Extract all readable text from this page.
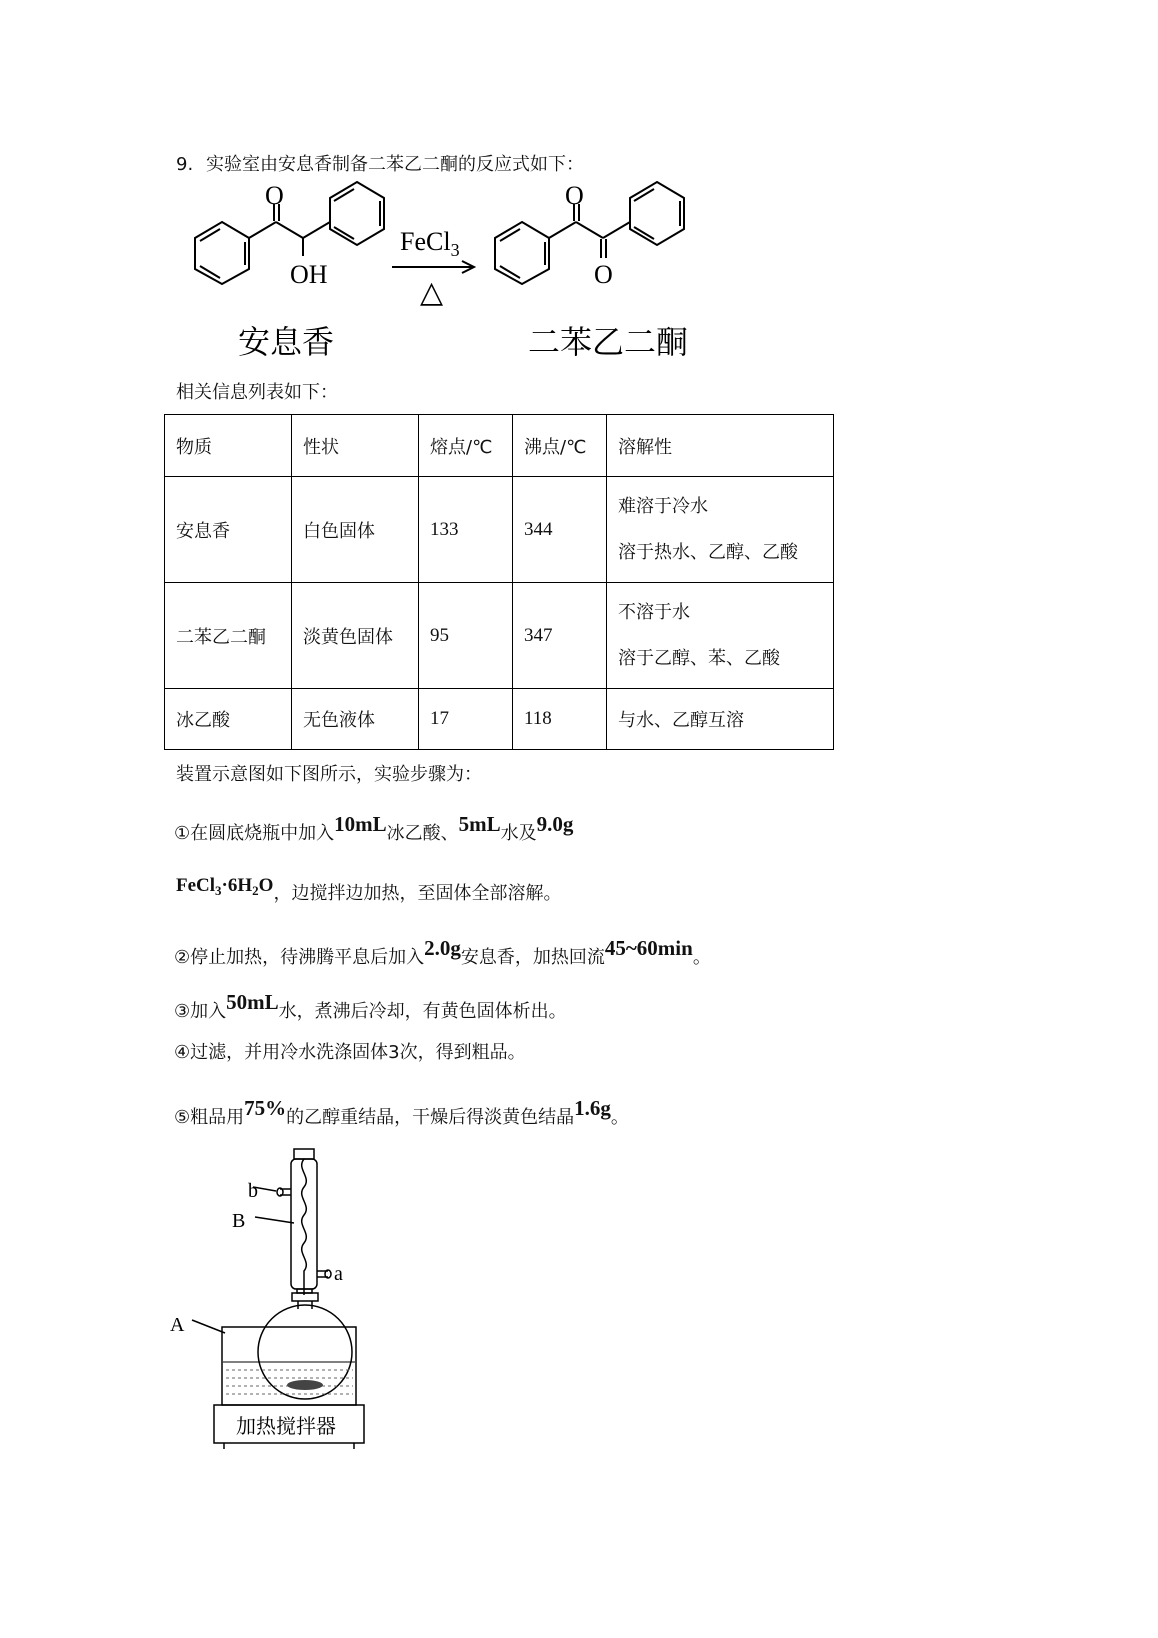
9. 实验室由安息香制备二苯乙二酮的反应式如下：
O
OH
O
O
FeCl$_3$
△
安息香	二苯乙二酮
相关信息列表如下：
物质	性状	熔点/℃	沸点/℃	溶解性
安息香	白色固体	133	344	难溶于冷水
溶于热水、乙醇、乙酸

二苯乙二酮	淡黄色固体	95	347	不溶于水
溶于乙醇、苯、乙酸

冰乙酸	无色液体	17	118	与水、乙醇互溶
装置示意图如下图所示，实验步骤为：
①在圆底烧瓶中加入10mL冰乙酸、5mL水及9.0g
$FeCl_3\cdot 6H_2O$，边搅拌边加热，至固体全部溶解。
②停止加热，待沸腾平息后加入2.0g安息香，加热回流45~60min。
③加入50mL水，煮沸后冷却，有黄色固体析出。
④过滤，并用冷水洗涤固体3次，得到粗品。
⑤粗品用75%的乙醇重结晶，干燥后得淡黄色结晶1.6g。
b
B
a
A
加热搅拌器
